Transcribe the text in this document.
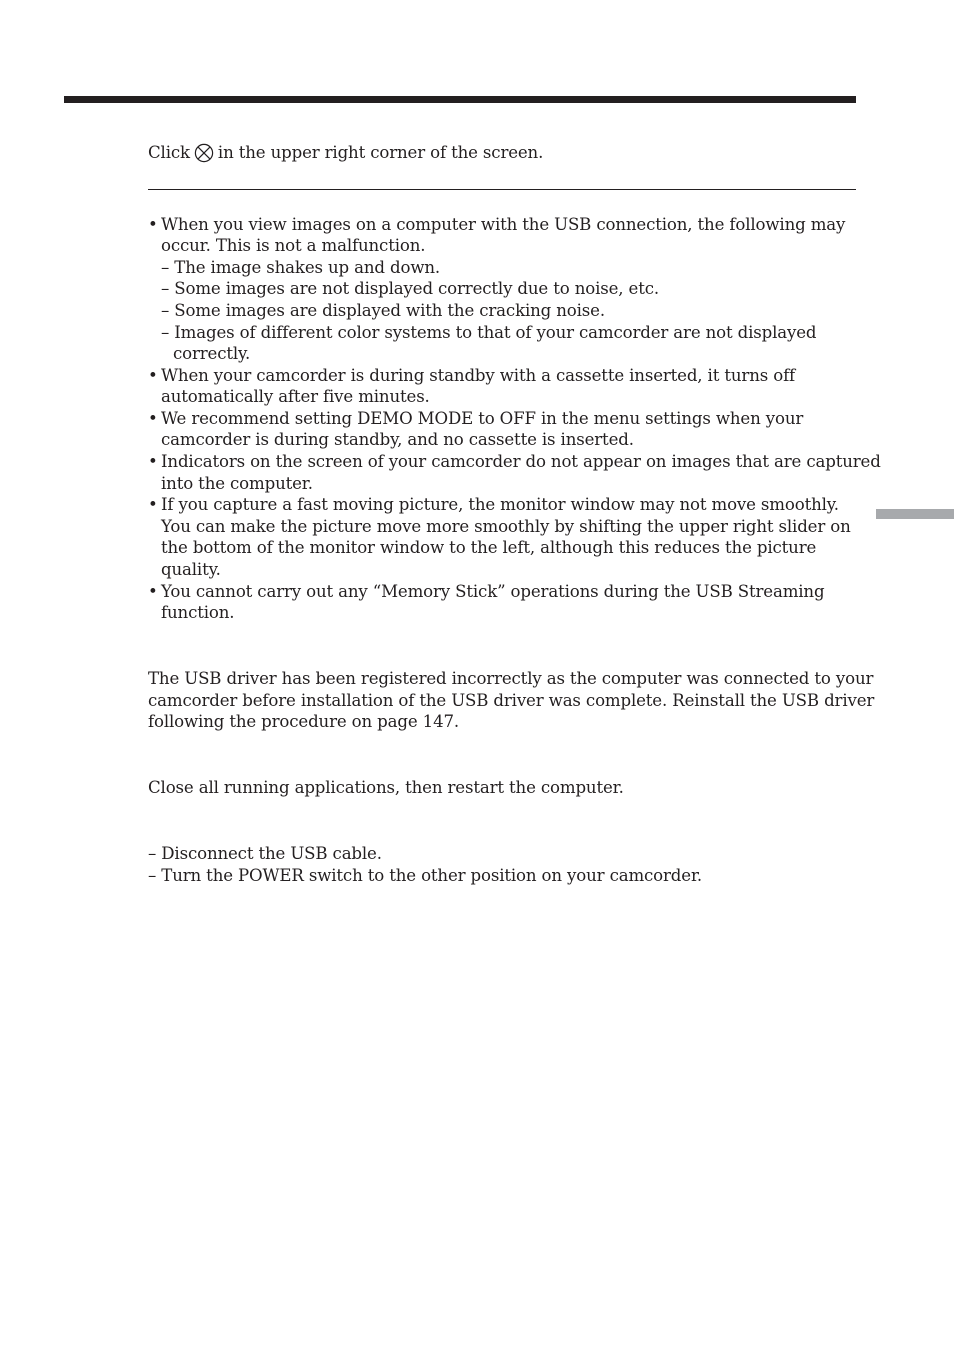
Click in the upper right corner of the screen.
• When you view images on a computer with the USB connection, the following may
occur. This is not a malfunction.
– The image shakes up and down.
– Some images are not displayed correctly due to noise, etc.
– Some images are displayed with the cracking noise.
– Images of different color systems to that of your camcorder are not displayed
correctly.
• When your camcorder is during standby with a cassette inserted, it turns off
automatically after five minutes.
• We recommend setting DEMO MODE to OFF in the menu settings when your
camcorder is during standby, and no cassette is inserted.
• Indicators on the screen of your camcorder do not appear on images that are captured
into the computer.
• If you capture a fast moving picture, the monitor window may not move smoothly.
You can make the picture move more smoothly by shifting the upper right slider on
the bottom of the monitor window to the left, although this reduces the picture
quality.
• You cannot carry out any “Memory Stick” operations during the USB Streaming
function.
The USB driver has been registered incorrectly as the computer was connected to your
camcorder before installation of the USB driver was complete. Reinstall the USB driver
following the procedure on page 147.
Close all running applications, then restart the computer.
– Disconnect the USB cable.
– Turn the POWER switch to the other position on your camcorder.
